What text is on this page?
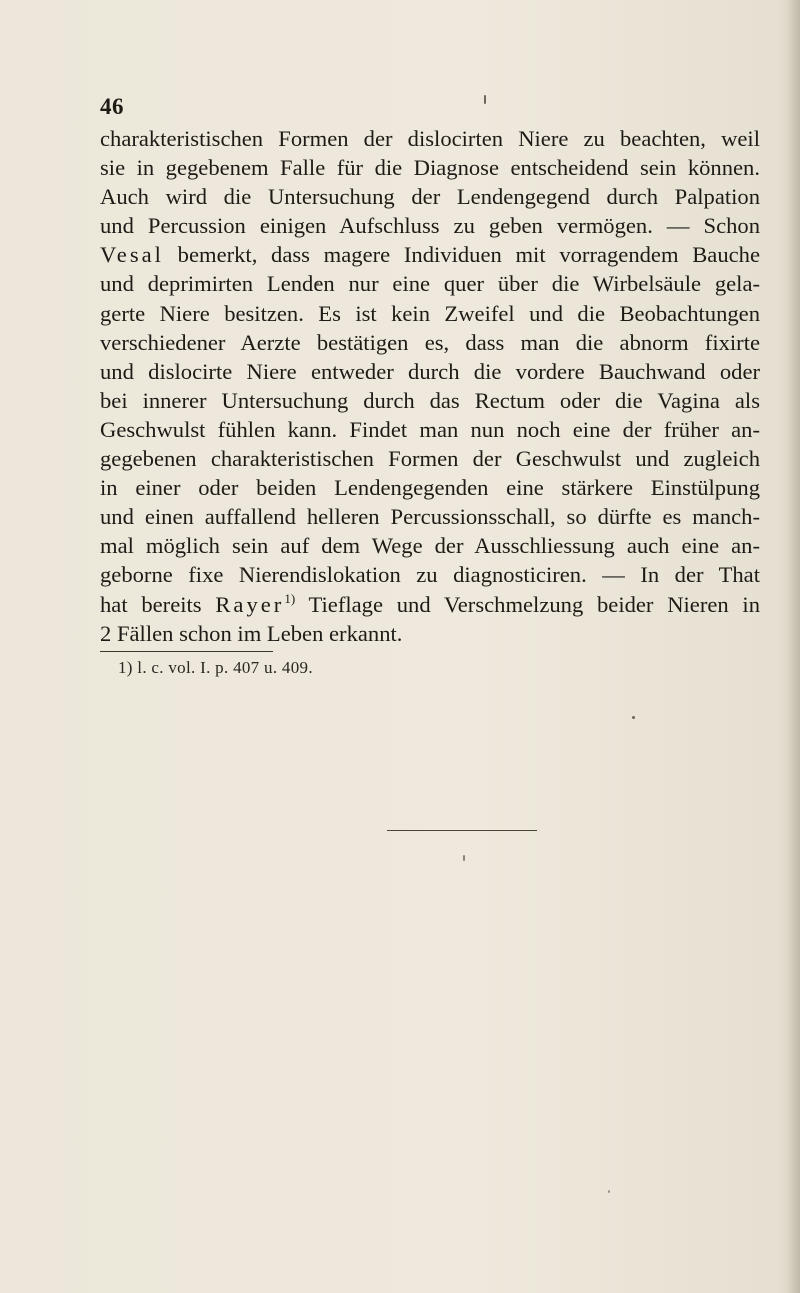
46
charakteristischen Formen der dislocirten Niere zu beachten, weil
sie in gegebenem Falle für die Diagnose entscheidend sein können.
Auch wird die Untersuchung der Lendengegend durch Palpation
und Percussion einigen Aufschluss zu geben vermögen. — Schon
Vesal bemerkt, dass magere Individuen mit vorragendem Bauche
und deprimirten Lenden nur eine quer über die Wirbelsäule gela-
gerte Niere besitzen. Es ist kein Zweifel und die Beobachtungen
verschiedener Aerzte bestätigen es, dass man die abnorm fixirte
und dislocirte Niere entweder durch die vordere Bauchwand oder
bei innerer Untersuchung durch das Rectum oder die Vagina als
Geschwulst fühlen kann. Findet man nun noch eine der früher an-
gegebenen charakteristischen Formen der Geschwulst und zugleich
in einer oder beiden Lendengegenden eine stärkere Einstülpung
und einen auffallend helleren Percussionsschall, so dürfte es manch-
mal möglich sein auf dem Wege der Ausschliessung auch eine an-
geborne fixe Nierendislokation zu diagnosticiren. — In der That
hat bereits Rayer$^{1)}$ Tieflage und Verschmelzung beider Nieren in
2 Fällen schon im Leben erkannt.
1) l. c. vol. I. p. 407 u. 409.
